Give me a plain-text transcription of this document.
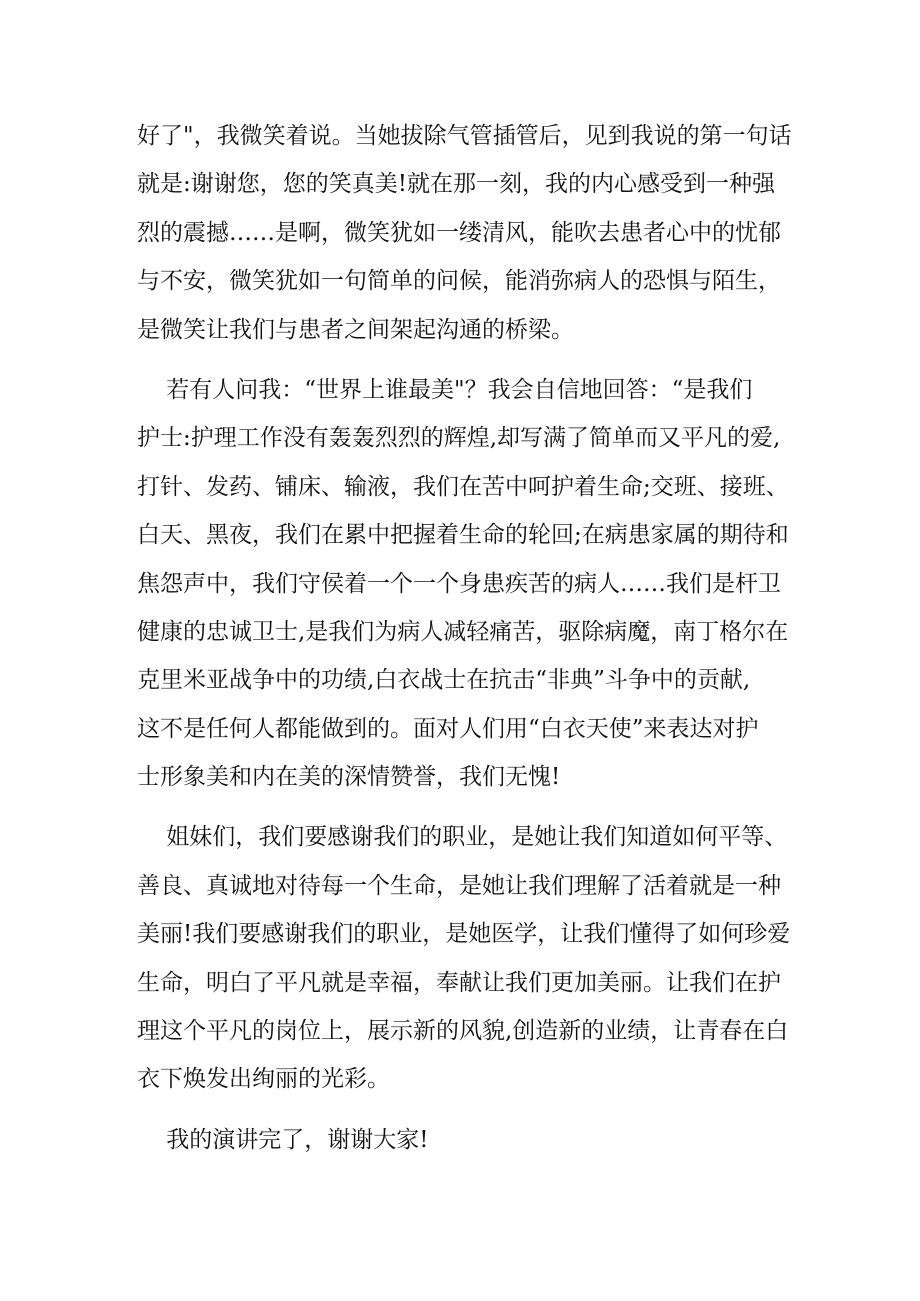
好了"，我微笑着说。当她拔除气管插管后，见到我说的第一句话
就是:谢谢您，您的笑真美!就在那一刻，我的内心感受到一种强
烈的震撼……是啊，微笑犹如一缕清风，能吹去患者心中的忧郁
与不安，微笑犹如一句简单的问候，能消弥病人的恐惧与陌生，
是微笑让我们与患者之间架起沟通的桥梁。
若有人问我：“世界上谁最美"？我会自信地回答：“是我们
护士:护理工作没有轰轰烈烈的辉煌,却写满了简单而又平凡的爱,
打针、发药、铺床、输液，我们在苦中呵护着生命;交班、接班、
白天、黑夜，我们在累中把握着生命的轮回;在病患家属的期待和
焦怨声中，我们守侯着一个一个身患疾苦的病人……我们是杆卫
健康的忠诚卫士,是我们为病人减轻痛苦，驱除病魔，南丁格尔在
克里米亚战争中的功绩,白衣战士在抗击“非典”斗争中的贡献,
这不是任何人都能做到的。面对人们用“白衣天使”来表达对护
士形象美和内在美的深情赞誉，我们无愧!
姐妹们，我们要感谢我们的职业，是她让我们知道如何平等、
善良、真诚地对待每一个生命，是她让我们理解了活着就是一种
美丽!我们要感谢我们的职业，是她医学，让我们懂得了如何珍爱
生命，明白了平凡就是幸福，奉献让我们更加美丽。让我们在护
理这个平凡的岗位上，展示新的风貌,创造新的业绩，让青春在白
衣下焕发出绚丽的光彩。
我的演讲完了，谢谢大家!
